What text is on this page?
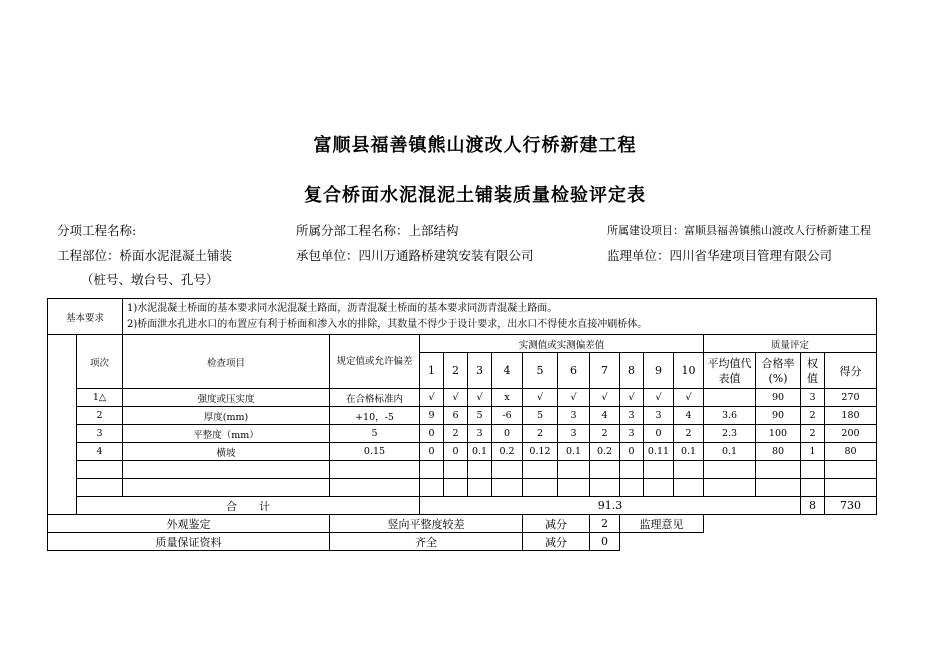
富顺县福善镇熊山渡改人行桥新建工程
复合桥面水泥混泥土铺装质量检验评定表
分项工程名称:	所属分部工程名称：上部结构	所属建设项目：富顺县福善镇熊山渡改人行桥新建工程
工程部位：桥面水泥混凝土铺装	承包单位：四川万通路桥建筑安装有限公司	监理单位：四川省华建项目管理有限公司
（桩号、墩台号、孔号）
基本要求		1)水泥混凝土桥面的基本要求同水泥混凝土路面，沥青混凝土桥面的基本要求同沥青混凝土路面。
2)桥面泄水孔进水口的布置应有利于桥面和渗入水的排除，其数量不得少于设计要求，出水口不得使水直接冲刷桥体。															

	项次	检查项目	规定值或允许偏差	实测值或实测偏差值										质量评定			
				1	2	3	4	5	6	7	8	9	10	平均值代表值	合格率(%)	权值	得分
	1△	强度或压实度	在合格标准内	√	√	√	x	√	√	√	√	√	√		90	3	270
	2	厚度(mm)	+10，-5	9	6	5	-6	5	3	4	3	3	4	3.6	90	2	180
	3	平整度（mm）	5	0	2	3	0	2	3	2	3	0	2	2.3	100	2	200
	4	横坡	0.15	0	0	0.1	0.2	0.12	0.1	0.2	0	0.11	0.1	0.1	80	1	80

	合　　计			91.3												8	730
外观鉴定			竖向平整度较差					减分		2	监理意见						
质量保证资料			齐全					减分		0							
